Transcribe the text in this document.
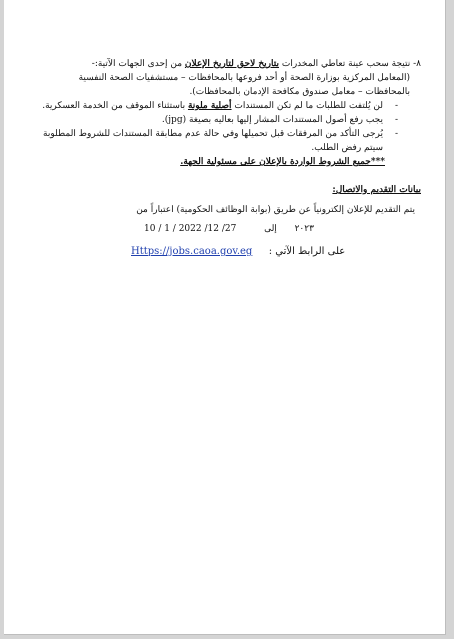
٨- نتيجة سحب عينة تعاطي المخدرات بتاريخ لاحق لتاريخ الإعلان من إحدى الجهات الآتية:-
(المعامل المركزية بوزارة الصحة أو أحد فروعها بالمحافظات – مستشفيات الصحة النفسية
بالمحافظات – معامل صندوق مكافحة الإدمان بالمحافظات).
-
لن يُلتفت للطلبات ما لم تكن المستندات أصلية ملونة باستثناء الموقف من الخدمة العسكرية.
-
يجب رفع أصول المستندات المشار إليها بعاليه بصيغة (jpg).
-
يُرجى التأكد من المرفقات قبل تحميلها وفي حالة عدم مطابقة المستندات للشروط المطلوبة
سيتم رفض الطلب.
***جميع الشروط الواردة بالإعلان على مسئولية الجهة.
بيانات التقديم والاتصال:
يتم التقديم للإعلان إلكترونياً عن طريق (بوابة الوظائف الحكومية) اعتباراً من
10 / 1 / ٢٠٢٣  إلى  27/ 12/ 2022
Https://jobs.caoa.gov.eg على الرابط الآتي :
